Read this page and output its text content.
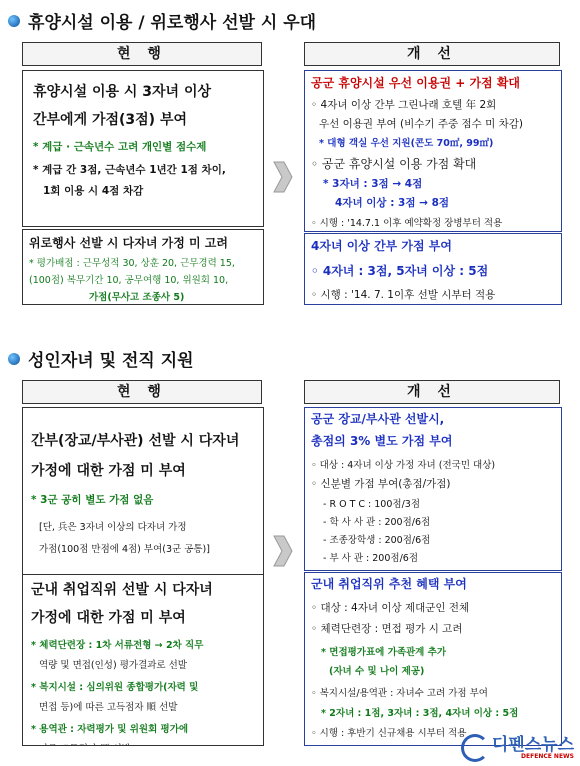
휴양시설 이용 / 위로행사 선발 시 우대
현 행
휴양시설 이용 시 3자녀 이상
간부에게 가점(3점) 부여
* 계급 · 근속년수 고려 개인별 점수제
* 계급 간 3점, 근속년수 1년간 1점 차이,
1회 이용 시 4점 차감
위로행사 선발 시 다자녀 가정 미 고려
* 평가배점 : 근무성적 30, 상훈 20, 근무경력 15,
(100점) 복무기간 10, 공무여행 10, 위원회 10,
가점(무사고 조종사 5)
개 선
공군 휴양시설 우선 이용권 + 가점 확대
◦ 4자녀 이상 간부 그린나래 호텔 年 2회
우선 이용권 부여 (비수기 주중 점수 미 차감)
* 대형 객실 우선 지원(콘도 70㎡, 99㎡)
◦ 공군 휴양시설 이용 가점 확대
* 3자녀 : 3점 → 4점
4자녀 이상 : 3점 → 8점
◦ 시행 : '14.7.1 이후 예약확정 장병부터 적용
4자녀 이상 간부 가점 부여
◦ 4자녀 : 3점, 5자녀 이상 : 5점
◦ 시행 : '14. 7. 1이후 선발 시부터 적용
성인자녀 및 전직 지원
현 행
간부(장교/부사관) 선발 시 다자녀
가정에 대한 가점 미 부여
* 3군 공히 별도 가점 없음
[단, 兵은 3자녀 이상의 다자녀 가정
가점(100점 만점에 4점) 부여(3군 공통)]
군내 취업직위 선발 시 다자녀
가정에 대한 가점 미 부여
* 체력단련장 : 1차 서류전형 → 2차 직무
역량 및 면접(인성) 평가결과로 선발
* 복지시설 : 심의위원 종합평가(자력 및
면접 등)에 따른 고득점자 順 선발
* 용역관 : 자력평가 및 위원회 평가에
개 선
공군 장교/부사관 선발시,
총점의 3% 별도 가점 부여
◦ 대상 : 4자녀 이상 가정 자녀 (전국민 대상)
◦ 신분별 가점 부여(총점/가점)
- R O T C : 100점/3점
- 학 사 사 관 : 200점/6점
- 조종장학생 : 200점/6점
- 부 사 관 : 200점/6점
군내 취업직위 추천 혜택 부여
◦ 대상 : 4자녀 이상 제대군인 전체
◦ 체력단련장 : 면접 평가 시 고려
* 면접평가표에 가족관계 추가
(자녀 수 및 나이 제공)
◦ 복지시설/용역관 : 자녀수 고려 가점 부여
* 2자녀 : 1점, 3자녀 : 3점, 4자녀 이상 : 5점
◦ 시행 : 후반기 신규채용 시부터 적용
디펜스뉴스
DEFENCE NEWS
